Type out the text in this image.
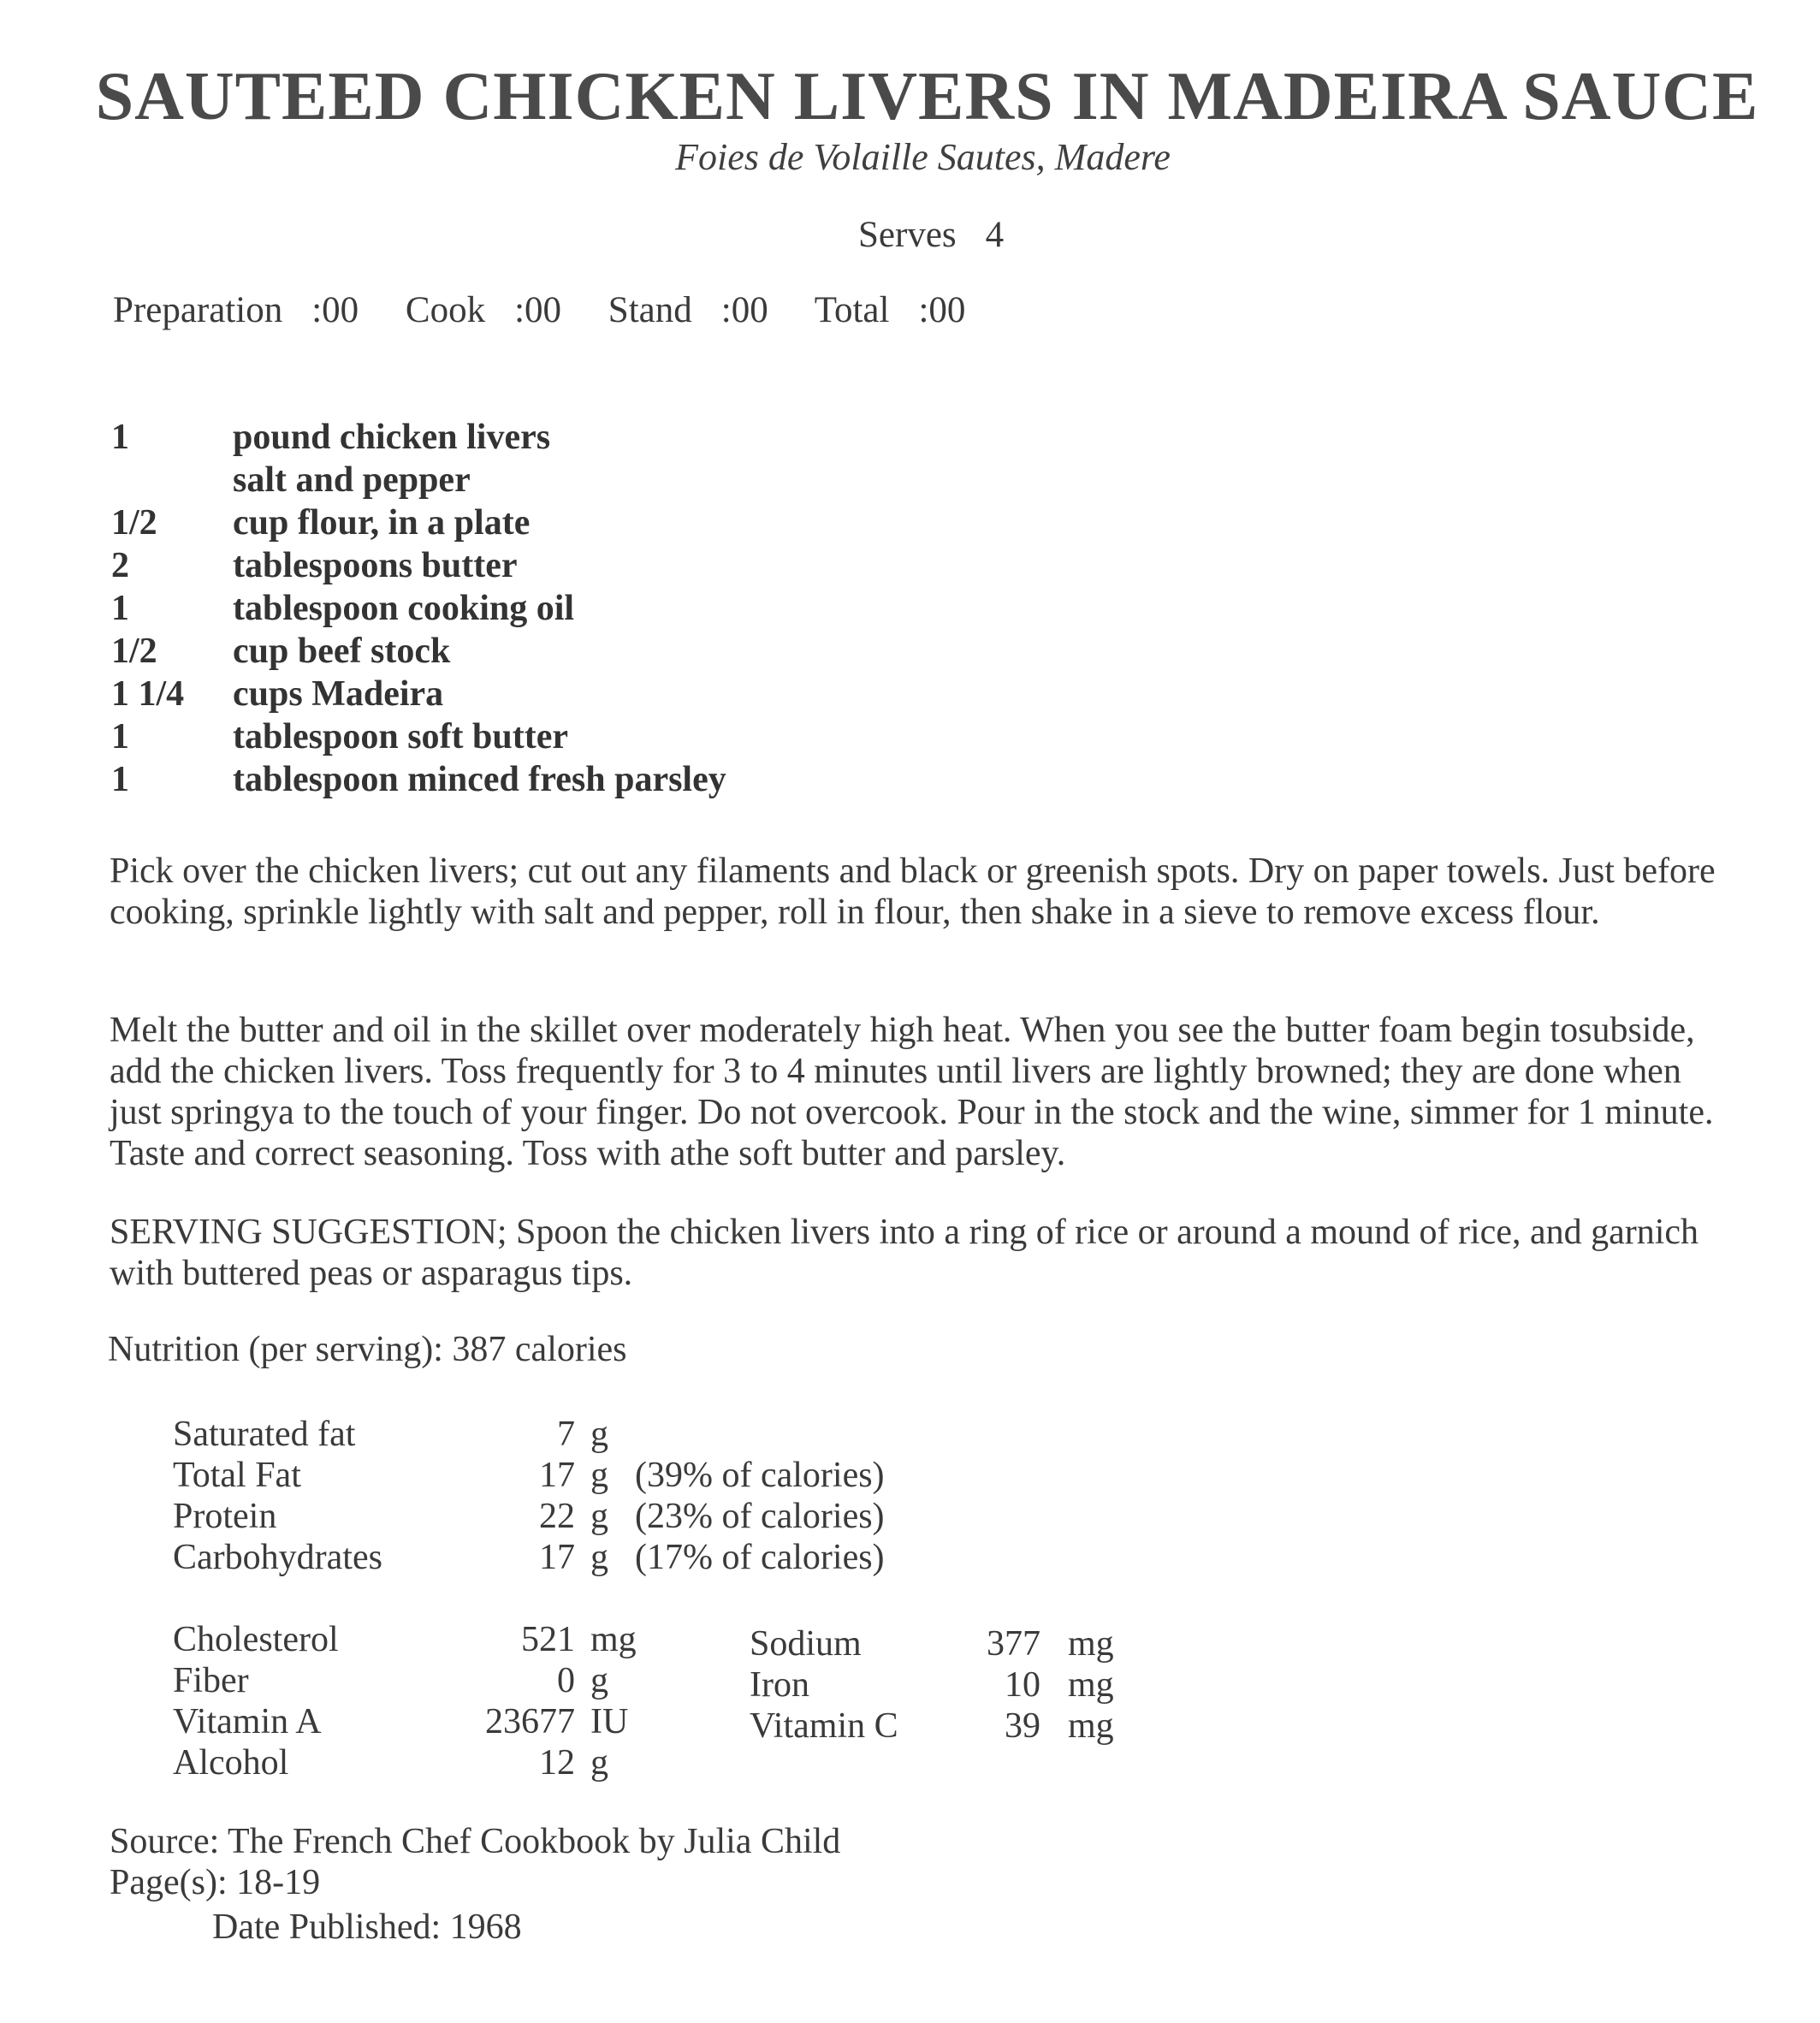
SAUTEED CHICKEN LIVERS IN MADEIRA SAUCE
Foies de Volaille Sautes, Madere
Serves 4
Preparation :00 Cook :00 Stand :00 Total :00
1	pound chicken livers
salt and pepper
1/2 cup flour, in a plate
2	tablespoons butter
1	tablespoon cooking oil
1/2 cup beef stock
1 1/4 cups Madeira
1	tablespoon soft butter
1	tablespoon minced fresh parsley
Pick over the chicken livers; cut out any filaments and black or greenish spots. Dry on paper towels. Just before cooking, sprinkle lightly with salt and pepper, roll in flour, then shake in a sieve to remove excess flour.
Melt the butter and oil in the skillet over moderately high heat. When you see the butter foam begin tosubside, add the chicken livers. Toss frequently for 3 to 4 minutes until livers are lightly browned; they are done when just springya to the touch of your finger. Do not overcook. Pour in the stock and the wine, simmer for 1 minute. Taste and correct seasoning. Toss with athe soft butter and parsley.
SERVING SUGGESTION; Spoon the chicken livers into a ring of rice or around a mound of rice, and garnich with buttered peas or asparagus tips.
Nutrition (per serving): 387 calories
Saturated fat	7 g
Total Fat	17 g (39% of calories)
Protein	22 g (23% of calories)
Carbohydrates	17 g (17% of calories)
Cholesterol	521 mg
Fiber	0 g
Vitamin A	23677 IU
Alcohol	12 g
Sodium	377 mg
Iron	10 mg
Vitamin C	39 mg
Source: The French Chef Cookbook by Julia Child
Page(s): 18-19
Date Published: 1968
